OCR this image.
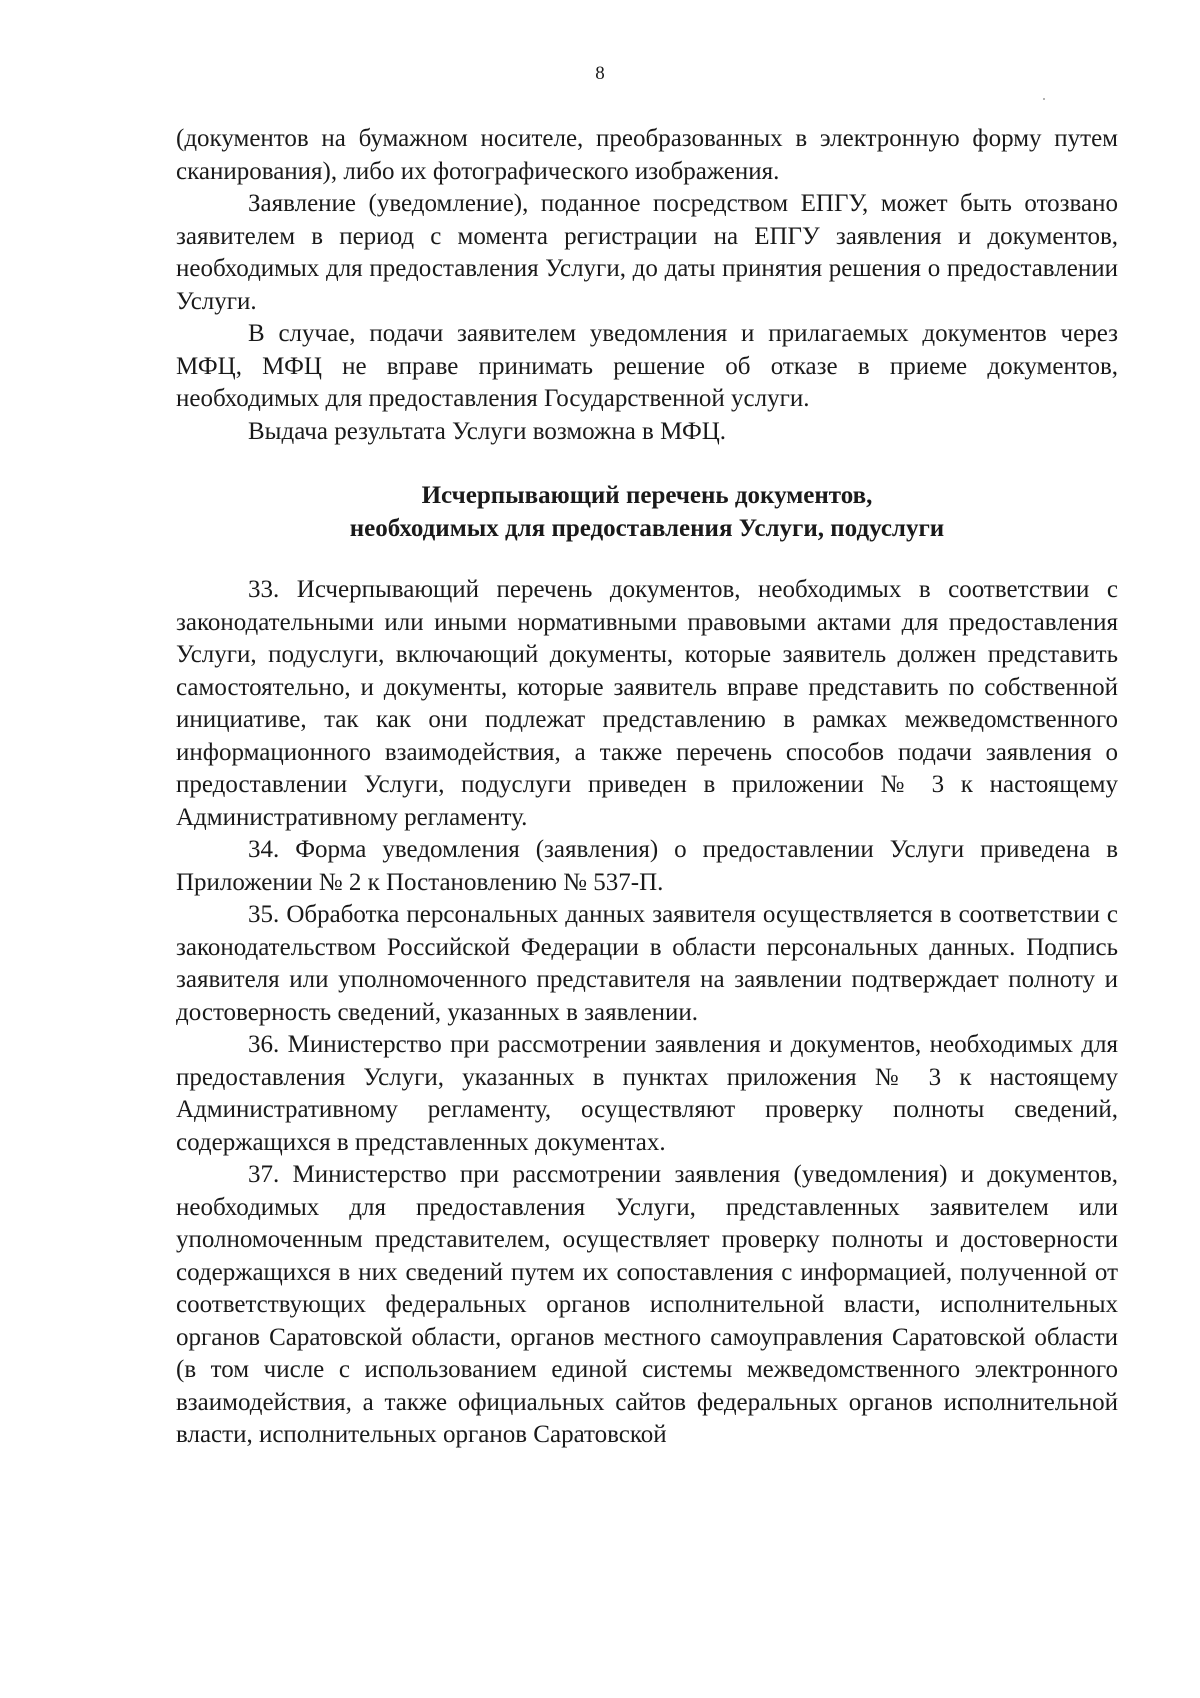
8

(документов на бумажном носителе, преобразованных в электронную форму путем сканирования), либо их фотографического изображения.

Заявление (уведомление), поданное посредством ЕПГУ, может быть отозвано заявителем в период с момента регистрации на ЕПГУ заявления и документов, необходимых для предоставления Услуги, до даты принятия решения о предоставлении Услуги.

В случае, подачи заявителем уведомления и прилагаемых документов через МФЦ, МФЦ не вправе принимать решение об отказе в приеме документов, необходимых для предоставления Государственной услуги.

Выдача результата Услуги возможна в МФЦ.

Исчерпывающий перечень документов,
необходимых для предоставления Услуги, подуслуги

33. Исчерпывающий перечень документов, необходимых в соответствии с законодательными или иными нормативными правовыми актами для предоставления Услуги, подуслуги, включающий документы, которые заявитель должен представить самостоятельно, и документы, которые заявитель вправе представить по собственной инициативе, так как они подлежат представлению в рамках межведомственного информационного взаимодействия, а также перечень способов подачи заявления о предоставлении Услуги, подуслуги приведен в приложении № 3 к настоящему Административному регламенту.

34. Форма уведомления (заявления) о предоставлении Услуги приведена в Приложении № 2 к Постановлению № 537-П.

35. Обработка персональных данных заявителя осуществляется в соответствии с законодательством Российской Федерации в области персональных данных. Подпись заявителя или уполномоченного представителя на заявлении подтверждает полноту и достоверность сведений, указанных в заявлении.

36. Министерство при рассмотрении заявления и документов, необходимых для предоставления Услуги, указанных в пунктах приложения № 3 к настоящему Административному регламенту, осуществляют проверку полноты сведений, содержащихся в представленных документах.

37. Министерство при рассмотрении заявления (уведомления) и документов, необходимых для предоставления Услуги, представленных заявителем или уполномоченным представителем, осуществляет проверку полноты и достоверности содержащихся в них сведений путем их сопоставления с информацией, полученной от соответствующих федеральных органов исполнительной власти, исполнительных органов Саратовской области, органов местного самоуправления Саратовской области (в том числе с использованием единой системы межведомственного электронного взаимодействия, а также официальных сайтов федеральных органов исполнительной власти, исполнительных органов Саратовской
